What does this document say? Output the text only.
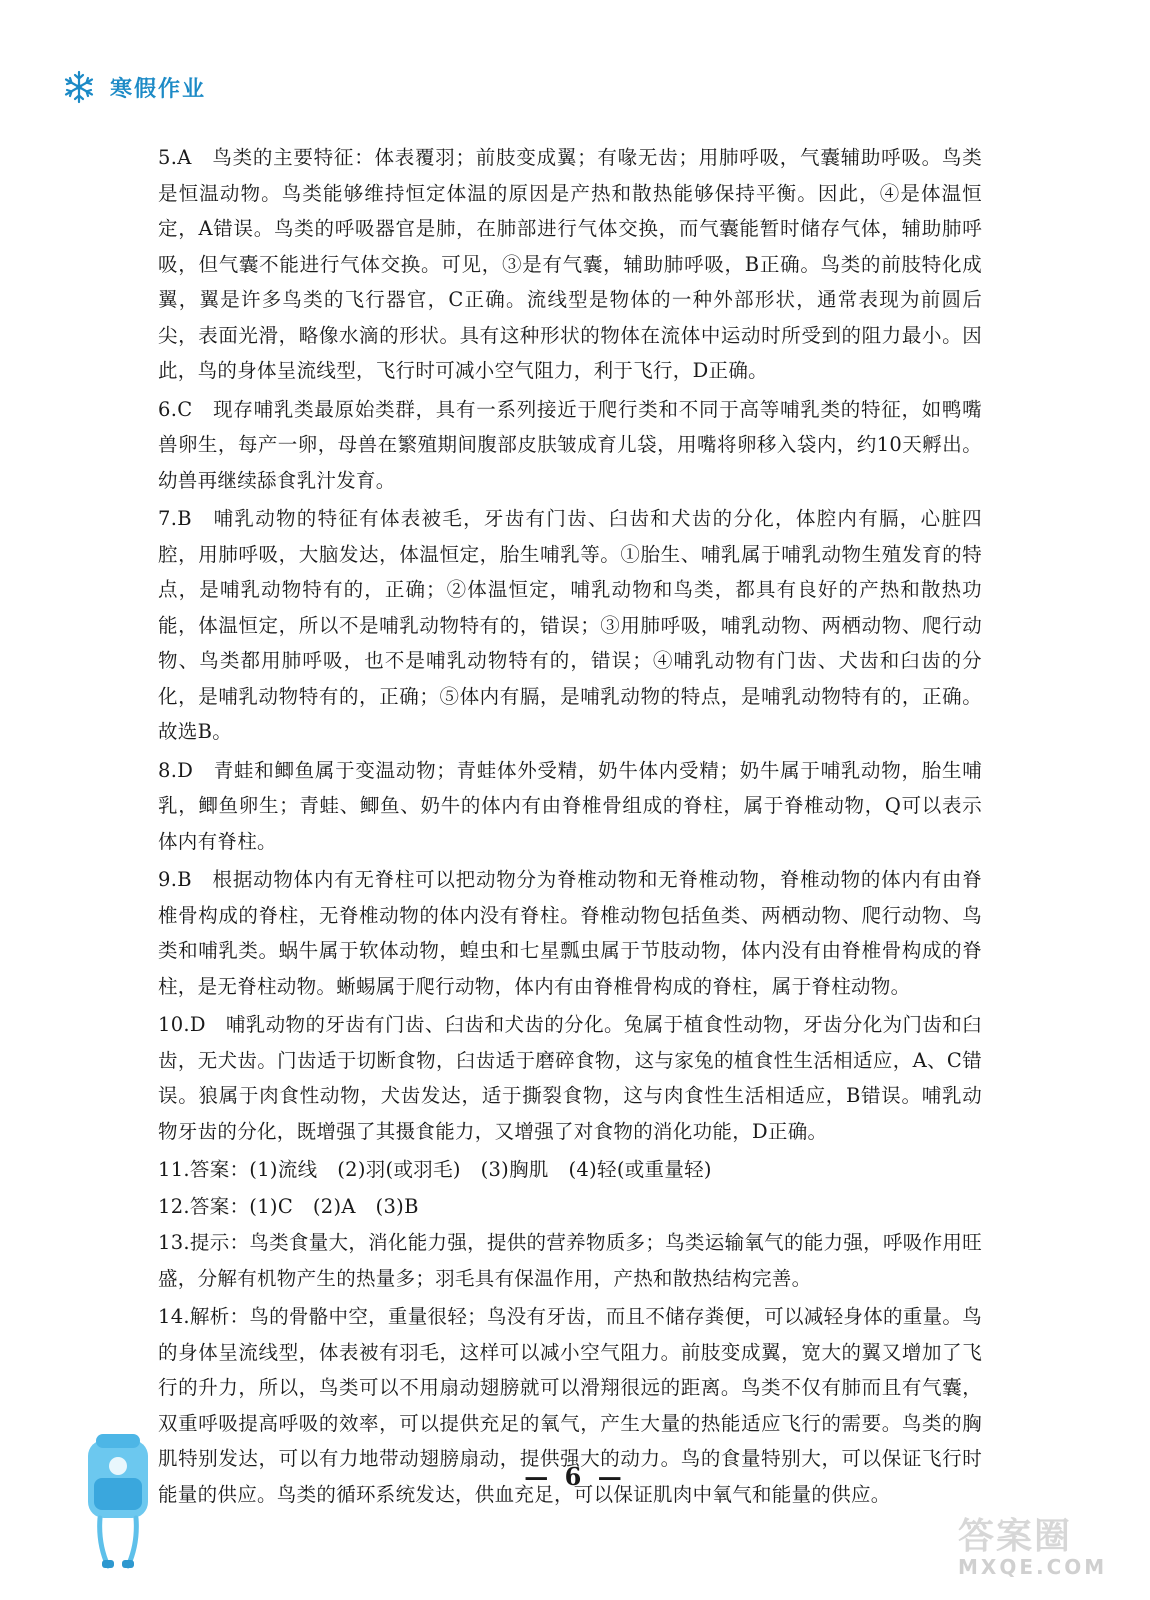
寒假作业

5.A　鸟类的主要特征：体表覆羽；前肢变成翼；有喙无齿；用肺呼吸，气囊辅助呼吸。鸟类是恒温动物。鸟类能够维持恒定体温的原因是产热和散热能够保持平衡。因此，④是体温恒定，A错误。鸟类的呼吸器官是肺，在肺部进行气体交换，而气囊能暂时储存气体，辅助肺呼吸，但气囊不能进行气体交换。可见，③是有气囊，辅助肺呼吸，B正确。鸟类的前肢特化成翼，翼是许多鸟类的飞行器官，C正确。流线型是物体的一种外部形状，通常表现为前圆后尖，表面光滑，略像水滴的形状。具有这种形状的物体在流体中运动时所受到的阻力最小。因此，鸟的身体呈流线型，飞行时可减小空气阻力，利于飞行，D正确。

6.C　现存哺乳类最原始类群，具有一系列接近于爬行类和不同于高等哺乳类的特征，如鸭嘴兽卵生，每产一卵，母兽在繁殖期间腹部皮肤皱成育儿袋，用嘴将卵移入袋内，约10天孵出。幼兽再继续舔食乳汁发育。

7.B　哺乳动物的特征有体表被毛，牙齿有门齿、臼齿和犬齿的分化，体腔内有膈，心脏四腔，用肺呼吸，大脑发达，体温恒定，胎生哺乳等。①胎生、哺乳属于哺乳动物生殖发育的特点，是哺乳动物特有的，正确；②体温恒定，哺乳动物和鸟类，都具有良好的产热和散热功能，体温恒定，所以不是哺乳动物特有的，错误；③用肺呼吸，哺乳动物、两栖动物、爬行动物、鸟类都用肺呼吸，也不是哺乳动物特有的，错误；④哺乳动物有门齿、犬齿和臼齿的分化，是哺乳动物特有的，正确；⑤体内有膈，是哺乳动物的特点，是哺乳动物特有的，正确。故选B。

8.D　青蛙和鲫鱼属于变温动物；青蛙体外受精，奶牛体内受精；奶牛属于哺乳动物，胎生哺乳，鲫鱼卵生；青蛙、鲫鱼、奶牛的体内有由脊椎骨组成的脊柱，属于脊椎动物，Q可以表示体内有脊柱。

9.B　根据动物体内有无脊柱可以把动物分为脊椎动物和无脊椎动物，脊椎动物的体内有由脊椎骨构成的脊柱，无脊椎动物的体内没有脊柱。脊椎动物包括鱼类、两栖动物、爬行动物、鸟类和哺乳类。蜗牛属于软体动物，蝗虫和七星瓢虫属于节肢动物，体内没有由脊椎骨构成的脊柱，是无脊柱动物。蜥蜴属于爬行动物，体内有由脊椎骨构成的脊柱，属于脊柱动物。

10.D　哺乳动物的牙齿有门齿、臼齿和犬齿的分化。兔属于植食性动物，牙齿分化为门齿和臼齿，无犬齿。门齿适于切断食物，臼齿适于磨碎食物，这与家兔的植食性生活相适应，A、C错误。狼属于肉食性动物，犬齿发达，适于撕裂食物，这与肉食性生活相适应，B错误。哺乳动物牙齿的分化，既增强了其摄食能力，又增强了对食物的消化功能，D正确。

11.答案：(1)流线　(2)羽(或羽毛)　(3)胸肌　(4)轻(或重量轻)

12.答案：(1)C　(2)A　(3)B

13.提示：鸟类食量大，消化能力强，提供的营养物质多；鸟类运输氧气的能力强，呼吸作用旺盛，分解有机物产生的热量多；羽毛具有保温作用，产热和散热结构完善。

14.解析：鸟的骨骼中空，重量很轻；鸟没有牙齿，而且不储存粪便，可以减轻身体的重量。鸟的身体呈流线型，体表被有羽毛，这样可以减小空气阻力。前肢变成翼，宽大的翼又增加了飞行的升力，所以，鸟类可以不用扇动翅膀就可以滑翔很远的距离。鸟类不仅有肺而且有气囊，双重呼吸提高呼吸的效率，可以提供充足的氧气，产生大量的热能适应飞行的需要。鸟类的胸肌特别发达，可以有力地带动翅膀扇动，提供强大的动力。鸟的食量特别大，可以保证飞行时能量的供应。鸟类的循环系统发达，供血充足，可以保证肌肉中氧气和能量的供应。

— 6 —
答案圈
MXQE.COM
